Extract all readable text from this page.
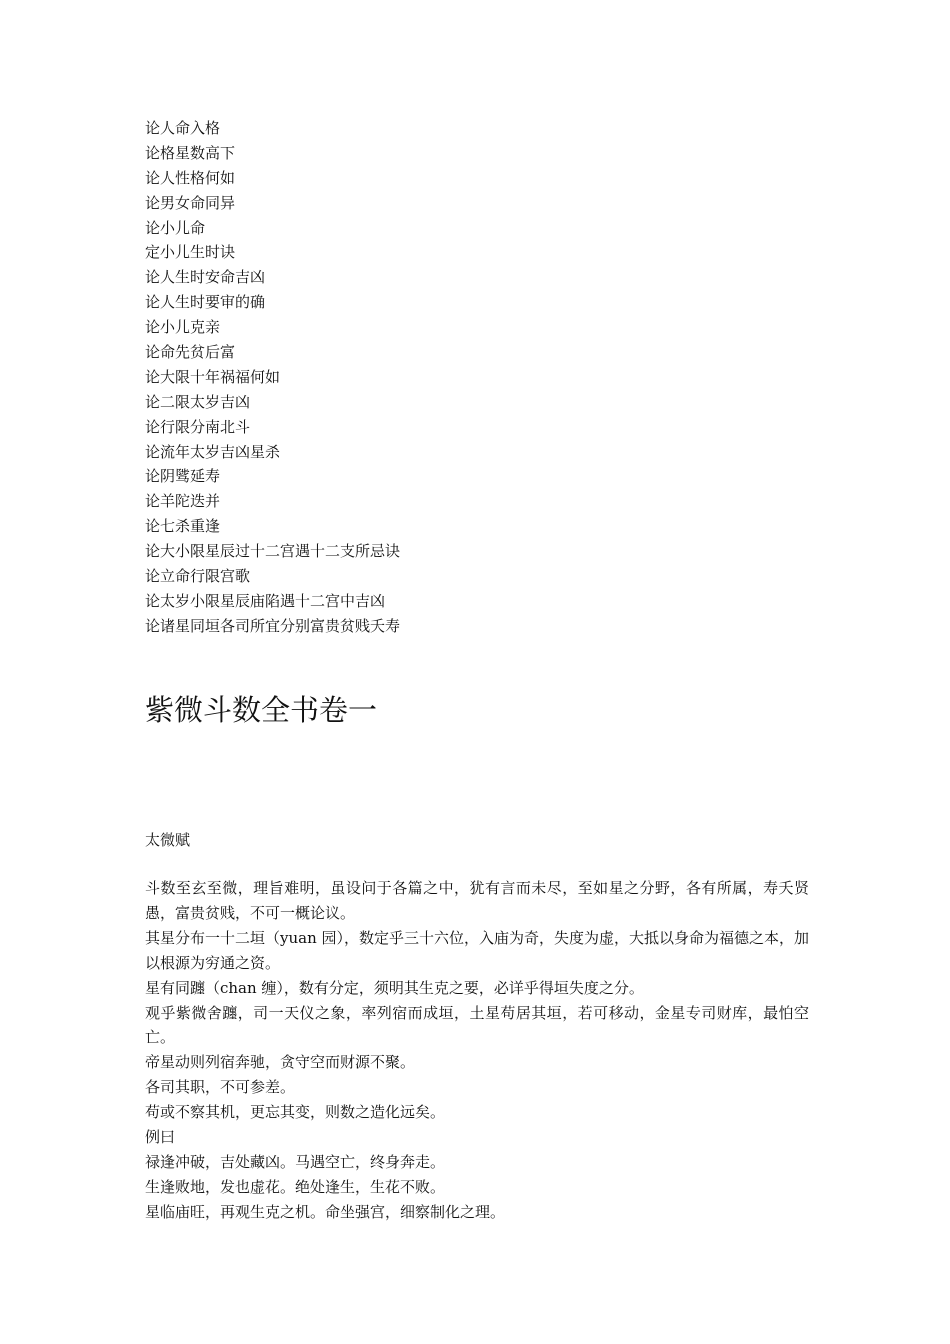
论人命入格
论格星数高下
论人性格何如
论男女命同异
论小儿命
定小儿生时诀
论人生时安命吉凶
论人生时要审的确
论小儿克亲
论命先贫后富
论大限十年祸福何如
论二限太岁吉凶
论行限分南北斗
论流年太岁吉凶星杀
论阴骘延寿
论羊陀迭并
论七杀重逢
论大小限星辰过十二宫遇十二支所忌诀
论立命行限宫歌
论太岁小限星辰庙陷遇十二宫中吉凶
论诸星同垣各司所宜分别富贵贫贱夭寿
紫微斗数全书卷一
太微赋

斗数至玄至微，理旨难明，虽设问于各篇之中，犹有言而未尽，至如星之分野，各有所属，寿夭贤愚，富贵贫贱，不可一概论议。

其星分布一十二垣（yuan 园），数定乎三十六位，入庙为奇，失度为虚，大抵以身命为福德之本，加以根源为穷通之资。

星有同躔（chan 缠），数有分定，须明其生克之要，必详乎得垣失度之分。

观乎紫微舍躔，司一天仪之象，率列宿而成垣，土星苟居其垣，若可移动，金星专司财库，最怕空亡。

帝星动则列宿奔驰，贪守空而财源不聚。

各司其职，不可参差。

苟或不察其机，更忘其变，则数之造化远矣。

例曰

禄逢冲破，吉处藏凶。马遇空亡，终身奔走。

生逢败地，发也虚花。绝处逢生，生花不败。

星临庙旺，再观生克之机。命坐强宫，细察制化之理。
